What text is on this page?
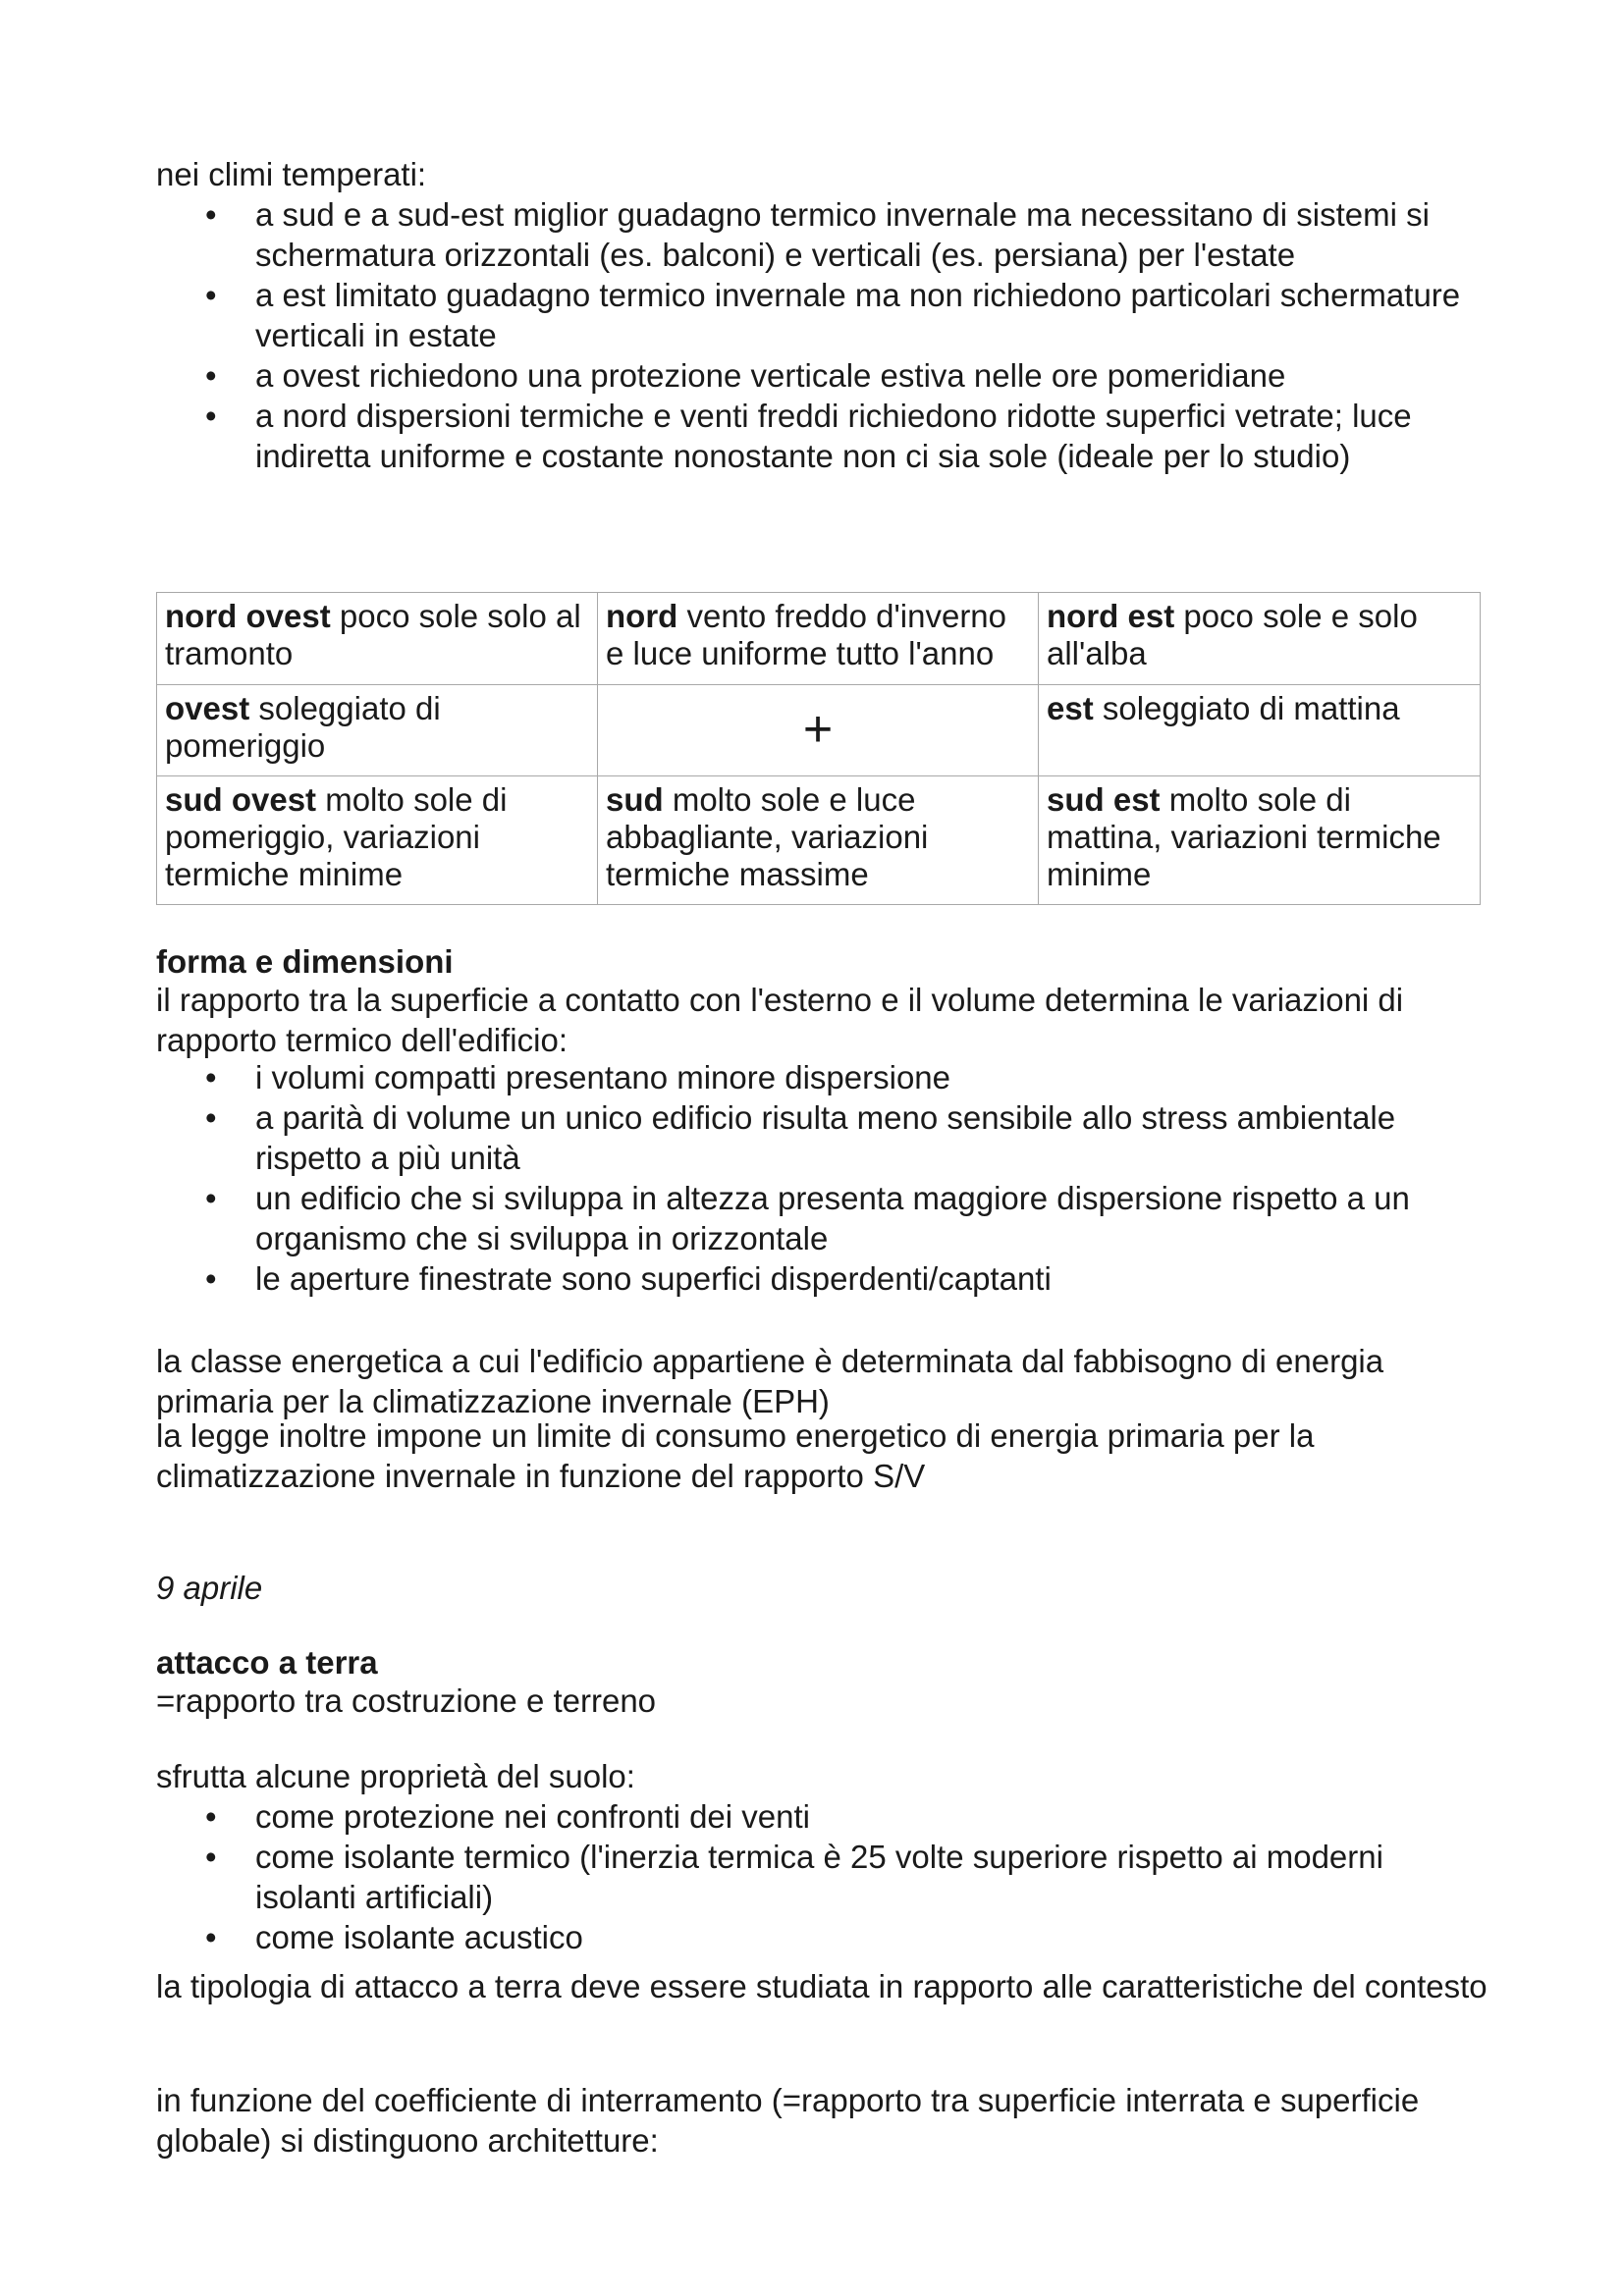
nei climi temperati:

• a sud e a sud-est miglior guadagno termico invernale ma necessitano di sistemi si schermatura orizzontali (es. balconi) e verticali (es. persiana) per l'estate
• a est limitato guadagno termico invernale ma non richiedono particolari schermature verticali in estate
• a ovest richiedono una protezione verticale estiva nelle ore pomeridiane
• a nord dispersioni termiche e venti freddi richiedono ridotte superfici vetrate; luce indiretta uniforme e costante nonostante non ci sia sole (ideale per lo studio)
nord ovest poco sole solo al tramonto	nord vento freddo d'inverno e luce uniforme tutto l'anno	nord est poco sole e solo all'alba
ovest soleggiato di pomeriggio	+	est soleggiato di mattina
sud ovest molto sole di pomeriggio, variazioni termiche minime	sud molto sole e luce abbagliante, variazioni termiche massime	sud est molto sole di mattina, variazioni termiche minime

forma e dimensioni

il rapporto tra la superficie a contatto con l'esterno e il volume determina le variazioni di rapporto termico dell'edificio:

• i volumi compatti presentano minore dispersione
• a parità di volume un unico edificio risulta meno sensibile allo stress ambientale rispetto a più unità
• un edificio che si sviluppa in altezza presenta maggiore dispersione rispetto a un organismo che si sviluppa in orizzontale
• le aperture finestrate sono superfici disperdenti/captanti

la classe energetica a cui l'edificio appartiene è determinata dal fabbisogno di energia primaria per la climatizzazione invernale (EPH)

la legge inoltre impone un limite di consumo energetico di energia primaria per la climatizzazione invernale in funzione del rapporto S/V

9 aprile

attacco a terra

=rapporto tra costruzione e terreno

sfrutta alcune proprietà del suolo:

• come protezione nei confronti dei venti
• come isolante termico (l'inerzia termica è 25 volte superiore rispetto ai moderni isolanti artificiali)
• come isolante acustico

la tipologia di attacco a terra deve essere studiata in rapporto alle caratteristiche del contesto

in funzione del coefficiente di interramento (=rapporto tra superficie interrata e superficie globale) si distinguono architetture:
